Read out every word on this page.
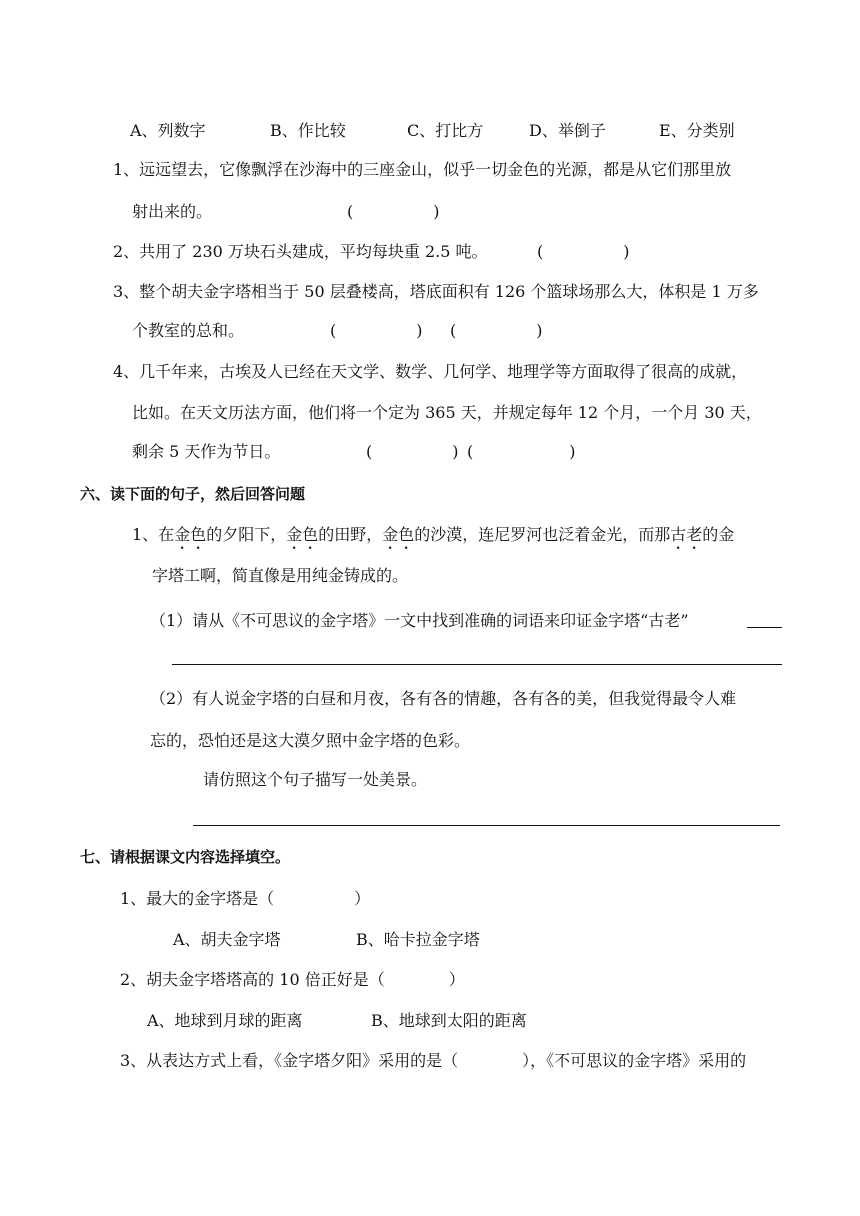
A、列数字	B、作比较	C、打比方	D、举倒子	E、分类别
1、远远望去，它像飘浮在沙海中的三座金山，似乎一切金色的光源，都是从它们那里放
射出来的。	(　　　　　)
2、共用了 230 万块石头建成，平均每块重 2.5 吨。	(　　　　　)
3、整个胡夫金字塔相当于 50 层叠楼高，塔底面积有 126 个篮球场那么大，体积是 1 万多
个教室的总和。	(　　　　　) (　　　　　)
4、几千年来，古埃及人已经在天文学、数学、几何学、地理学等方面取得了很高的成就，
比如。在天文历法方面，他们将一个定为 365 天，并规定每年 12 个月，一个月 30 天，
剩余 5 天作为节日。	(　　　　　) (　　　　　　)
六、读下面的句子，然后回答问题
1、在金色的夕阳下，金色的田野，金色的沙漠，连尼罗河也泛着金光，而那古老的金
字塔工啊，简直像是用纯金铸成的。
（1）请从《不可思议的金字塔》一文中找到准确的词语来印证金字塔“古老”
（2）有人说金字塔的白昼和月夜，各有各的情趣，各有各的美，但我觉得最令人难
忘的，恐怕还是这大漠夕照中金字塔的色彩。
请仿照这个句子描写一处美景。
七、请根据课文内容选择填空。
1、最大的金字塔是（　　　　　）
A、胡夫金字塔	B、哈卡拉金字塔
2、胡夫金字塔塔高的 10 倍正好是（　　　　）
A、地球到月球的距离	B、地球到太阳的距离
3、从表达方式上看，《金字塔夕阳》采用的是（　　　　），《不可思议的金字塔》采用的
